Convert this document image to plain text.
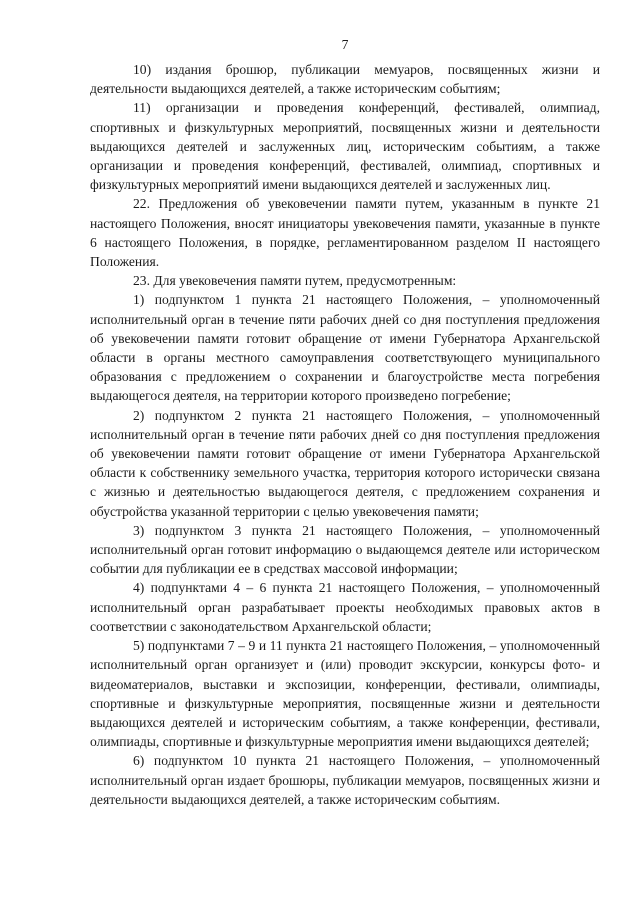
7

10) издания брошюр, публикации мемуаров, посвященных жизни и деятельности выдающихся деятелей, а также историческим событиям;

11) организации и проведения конференций, фестивалей, олимпиад, спортивных и физкультурных мероприятий, посвященных жизни и деятельности выдающихся деятелей и заслуженных лиц, историческим событиям, а также организации и проведения конференций, фестивалей, олимпиад, спортивных и физкультурных мероприятий имени выдающихся деятелей и заслуженных лиц.

22. Предложения об увековечении памяти путем, указанным в пункте 21 настоящего Положения, вносят инициаторы увековечения памяти, указанные в пункте 6 настоящего Положения, в порядке, регламентированном разделом II настоящего Положения.

23. Для увековечения памяти путем, предусмотренным:

1) подпунктом 1 пункта 21 настоящего Положения, – уполномоченный исполнительный орган в течение пяти рабочих дней со дня поступления предложения об увековечении памяти готовит обращение от имени Губернатора Архангельской области в органы местного самоуправления соответствующего муниципального образования с предложением о сохранении и благоустройстве места погребения выдающегося деятеля, на территории которого произведено погребение;

2) подпунктом 2 пункта 21 настоящего Положения, – уполномоченный исполнительный орган в течение пяти рабочих дней со дня поступления предложения об увековечении памяти готовит обращение от имени Губернатора Архангельской области к собственнику земельного участка, территория которого исторически связана с жизнью и деятельностью выдающегося деятеля, с предложением сохранения и обустройства указанной территории с целью увековечения памяти;

3) подпунктом 3 пункта 21 настоящего Положения, – уполномоченный исполнительный орган готовит информацию о выдающемся деятеле или историческом событии для публикации ее в средствах массовой информации;

4) подпунктами 4 – 6 пункта 21 настоящего Положения, – уполномоченный исполнительный орган разрабатывает проекты необходимых правовых актов в соответствии с законодательством Архангельской области;

5) подпунктами 7 – 9 и 11 пункта 21 настоящего Положения, – уполномоченный исполнительный орган организует и (или) проводит экскурсии, конкурсы фото- и видеоматериалов, выставки и экспозиции, конференции, фестивали, олимпиады, спортивные и физкультурные мероприятия, посвященные жизни и деятельности выдающихся деятелей и историческим событиям, а также конференции, фестивали, олимпиады, спортивные и физкультурные мероприятия имени выдающихся деятелей;

6) подпунктом 10 пункта 21 настоящего Положения, – уполномоченный исполнительный орган издает брошюры, публикации мемуаров, посвященных жизни и деятельности выдающихся деятелей, а также историческим событиям.
